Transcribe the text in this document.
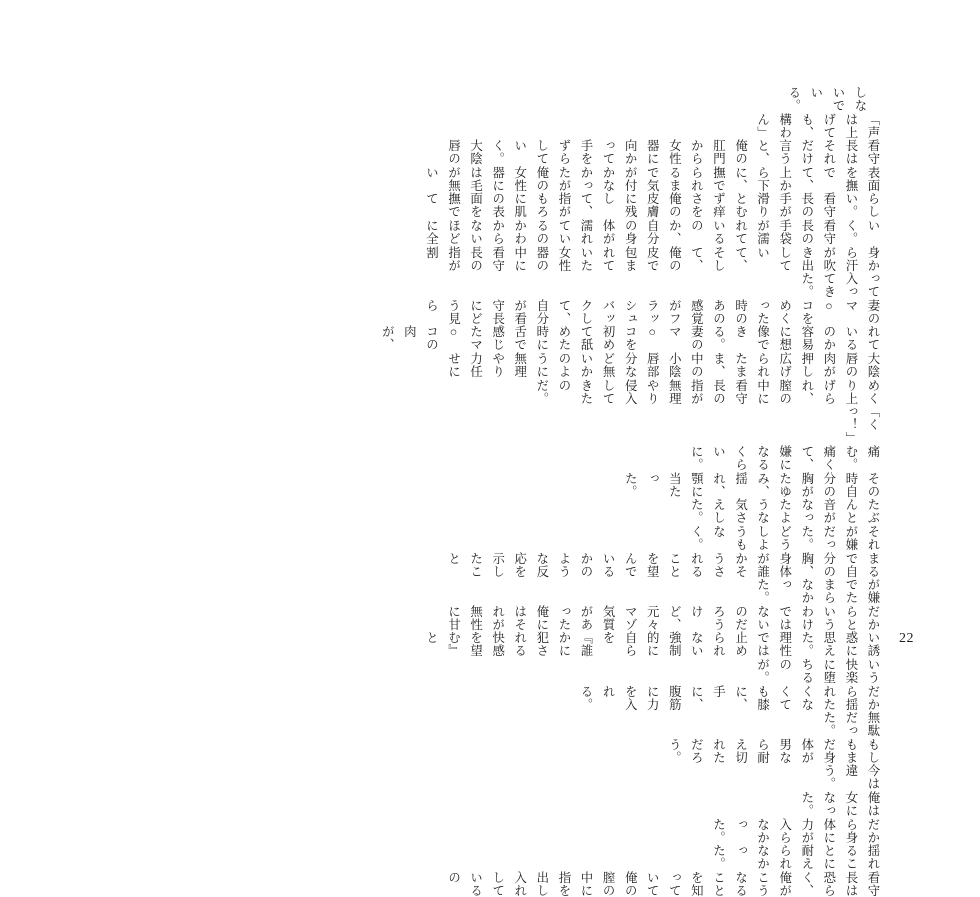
しないでいる。
「声は上げても、構わん」
看守長はそれだけ言うと、俺の肛門から女性器に向かって手をずらしていく。大陰唇の
表面を撫でて、上から下に、撫でられるまで気が付かなかったが俺の女性器には毛が無い
らしい。看守長の手が滑りとむず痒さを俺の皮膚に残して、指がもろに肌の表面を撫でて
いく。看守長の手袋が濡れているのか、自分の身体が濡れているのかわからないほどに全
身から汗が吹き出していて、そして、俺の皮で包まれていた女性器の中に看守長の指が割
って入ってきた。
妻のマ○コをめくった時のあの感覚がフラッシュバックして、自分が看守長にどう見ら
れているのか容易に想像できる。妻のマ○コを初めて舐めた時に舌で感じたマ○コの肉が、
大陰唇の肉が押し広げられたまま、中の小陰唇部分など無いかのように無理やり力任せに
めくり上げられ、膣の中に看守長の指が無理やり侵入してきたのだ。
「くっ！」
痛む。痛くて、嫌になるくらいに。
その時自分の胸がたゆみ、揺れ、顎に当たった。
たぶんと音がなったような気さえした。
それが嫌だった。どうしようもなく。
まるで自分の胸、身体が誰かそうされることを望んでいるかのような反応を示したこと
が嫌でたまらなかった。
だからというわけではないのだろうけど、元々マゾ気質があった俺にはそれが無性に甘
い誘惑に思えた。理性では止められない強制的に自らを『誰かに犯される快感を望む』と
いう快楽に堕ちるのが。
だから揺れたくなくても膝に、手に、腹筋に力を入れる。
無駄だった。
もしもまだ身体が男なら耐え切れただろう。
今は違う。
俺は女になった。
だから身体に力が入らなかった。
揺れることに耐えられなかった。
看守長は恐らく、俺がこうなることを知っていて俺の膣の中に指を出し入れしているの
22
